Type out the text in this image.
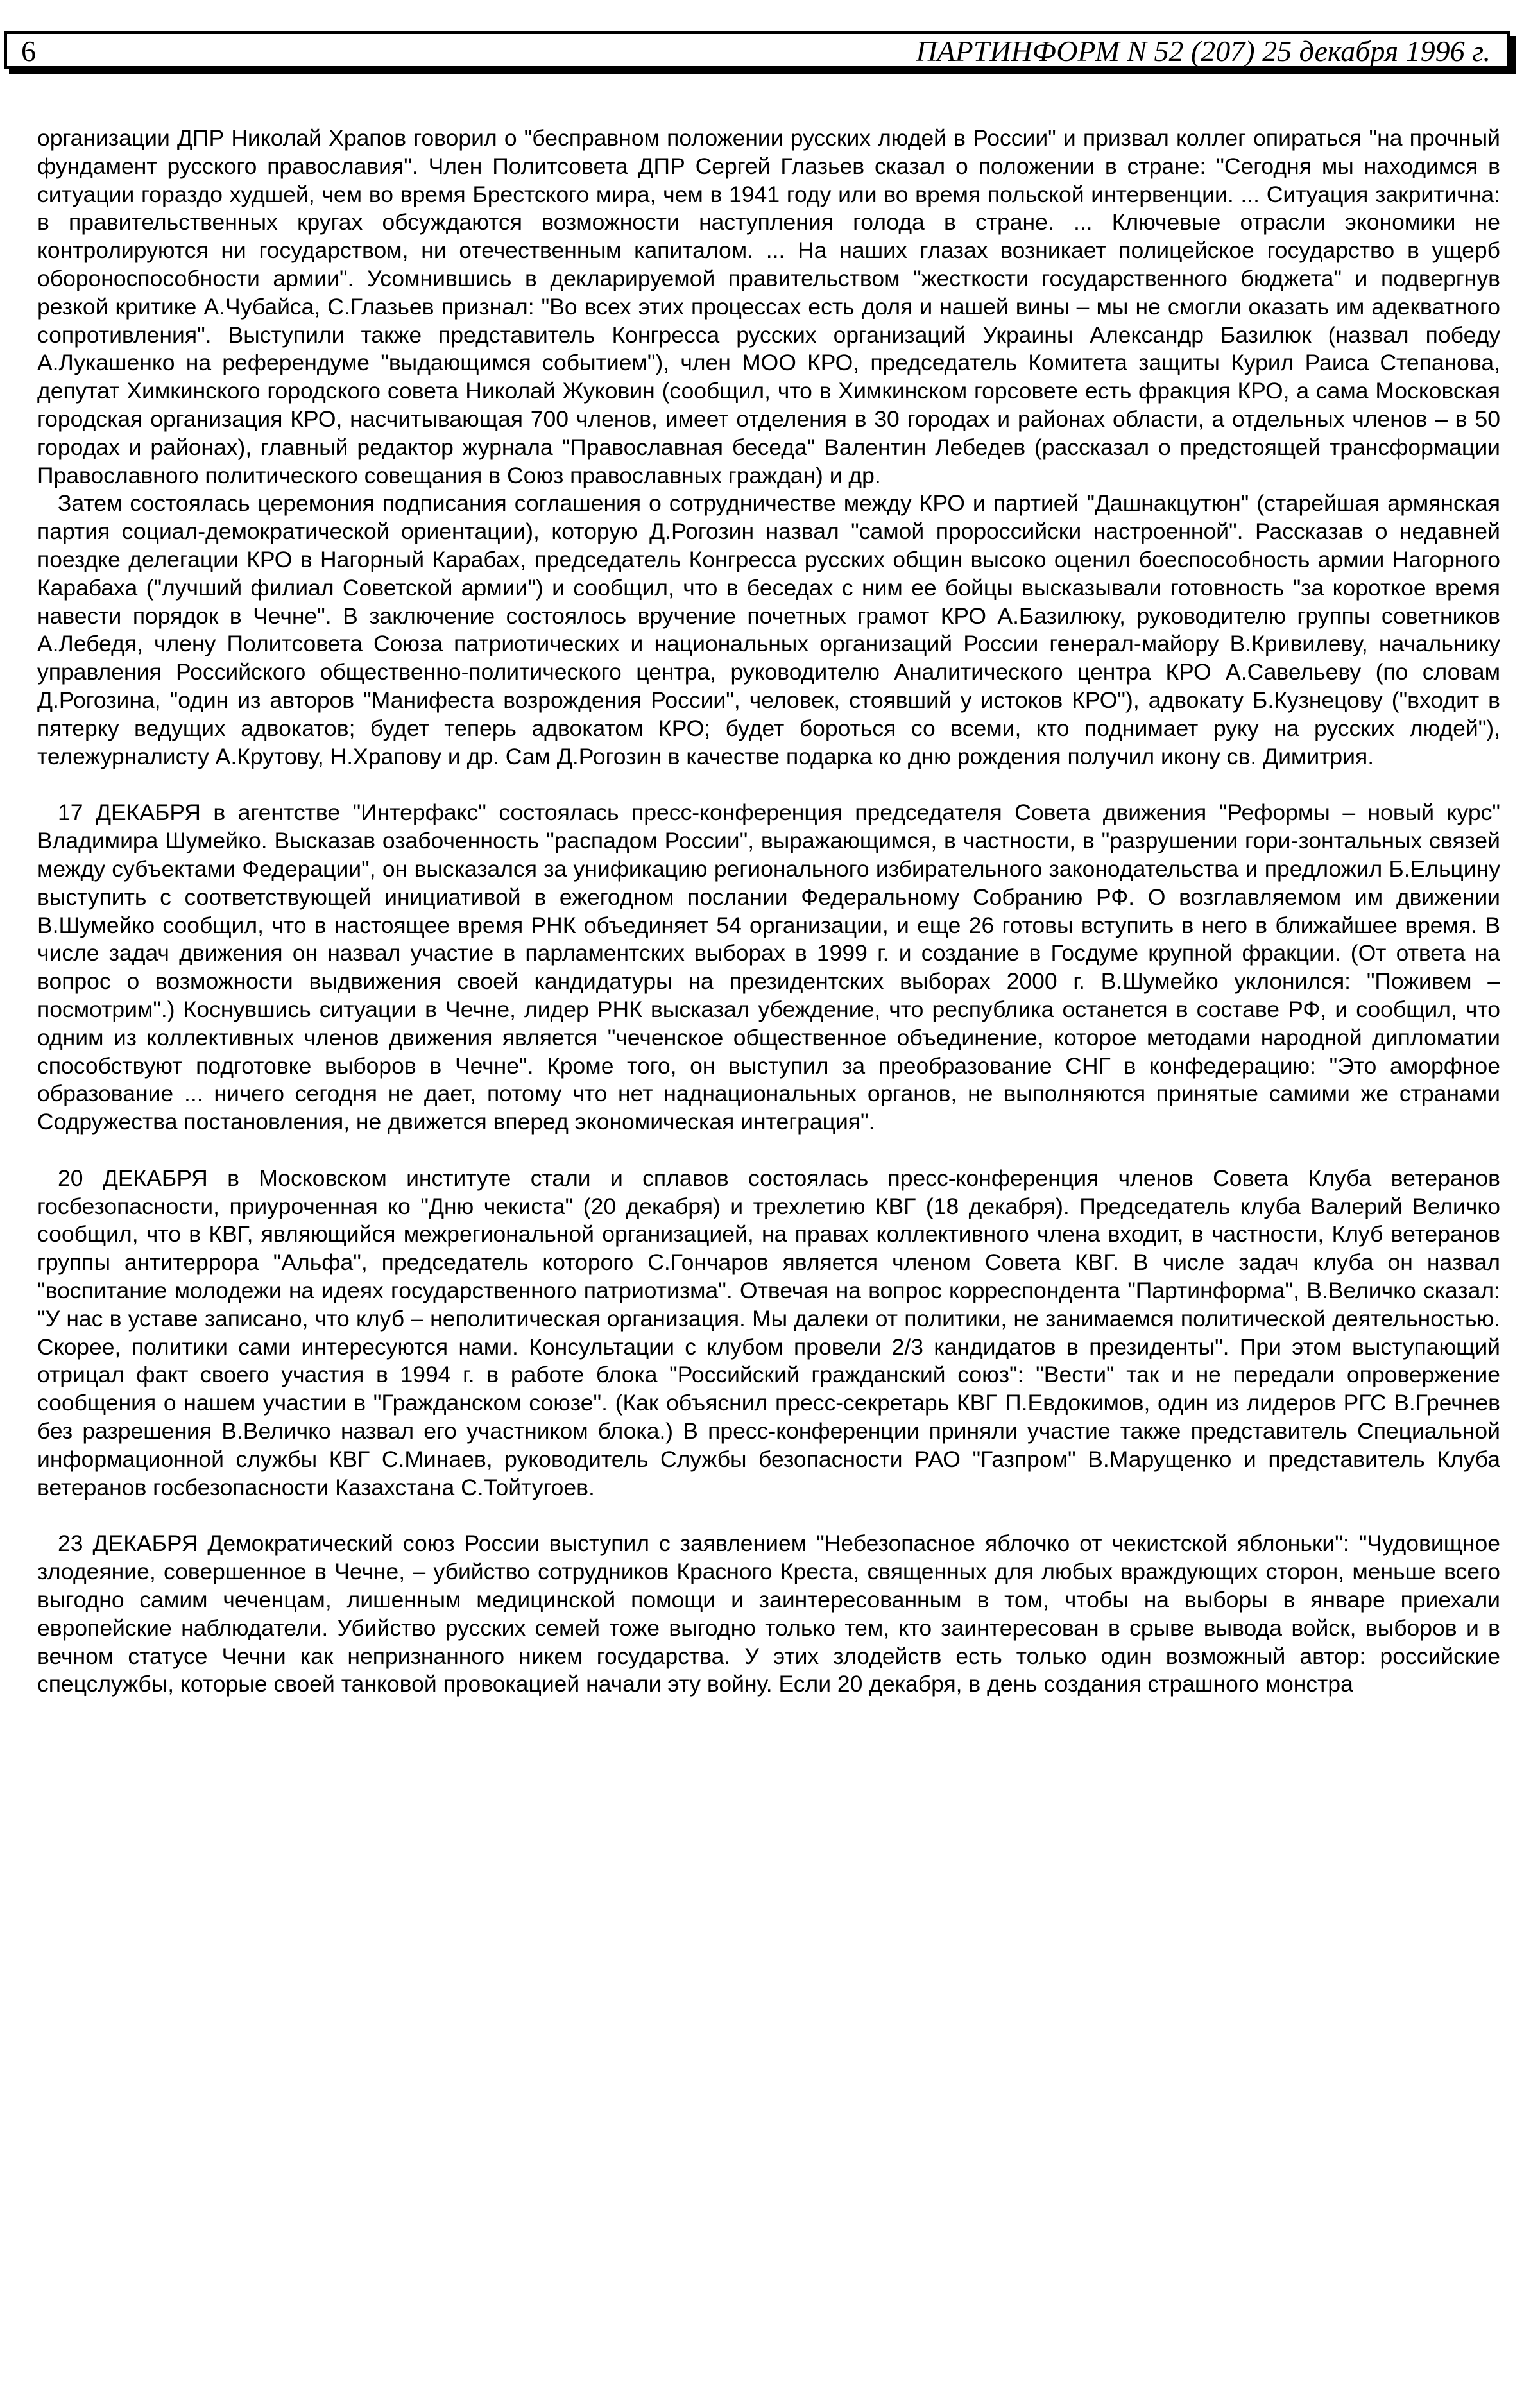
6	ПАРТИНФОРМ N 52 (207) 25 декабря 1996 г.

организации ДПР Николай Храпов говорил о "бесправном положении русских людей в России" и призвал коллег опираться "на прочный фундамент русского православия". Член Политсовета ДПР Сергей Глазьев сказал о положении в стране: "Сегодня мы находимся в ситуации гораздо худшей, чем во время Брестского мира, чем в 1941 году или во время польской интервенции. ... Ситуация закритична: в правительственных кругах обсуждаются возможности наступления голода в стране. ... Ключевые отрасли экономики не контролируются ни государством, ни отечественным капиталом. ... На наших глазах возникает полицейское государство в ущерб обороноспособности армии". Усомнившись в декларируемой правительством "жесткости государственного бюджета" и подвергнув резкой критике А.Чубайса, С.Глазьев признал: "Во всех этих процессах есть доля и нашей вины – мы не смогли оказать им адекватного сопротивления". Выступили также представитель Конгресса русских организаций Украины Александр Базилюк (назвал победу А.Лукашенко на референдуме "выдающимся событием"), член МОО КРО, председатель Комитета защиты Курил Раиса Степанова, депутат Химкинского городского совета Николай Жуковин (сообщил, что в Химкинском горсовете есть фракция КРО, а сама Московская городская организация КРО, насчитывающая 700 членов, имеет отделения в 30 городах и районах области, а отдельных членов – в 50 городах и районах), главный редактор журнала "Православная беседа" Валентин Лебедев (рассказал о предстоящей трансформации Православного политического совещания в Союз православных граждан) и др.

Затем состоялась церемония подписания соглашения о сотрудничестве между КРО и партией "Дашнакцутюн" (старейшая армянская партия социал-демократической ориентации), которую Д.Рогозин назвал "самой пророссийски настроенной". Рассказав о недавней поездке делегации КРО в Нагорный Карабах, председатель Конгресса русских общин высоко оценил боеспособность армии Нагорного Карабаха ("лучший филиал Советской армии") и сообщил, что в беседах с ним ее бойцы высказывали готовность "за короткое время навести порядок в Чечне". В заключение состоялось вручение почетных грамот КРО А.Базилюку, руководителю группы советников А.Лебедя, члену Политсовета Союза патриотических и национальных организаций России генерал-майору В.Кривилеву, начальнику управления Российского общественно-политического центра, руководителю Аналитического центра КРО А.Савельеву (по словам Д.Рогозина, "один из авторов "Манифеста возрождения России", человек, стоявший у истоков КРО"), адвокату Б.Кузнецову ("входит в пятерку ведущих адвокатов; будет теперь адвокатом КРО; будет бороться со всеми, кто поднимает руку на русских людей"), тележурналисту А.Крутову, Н.Храпову и др. Сам Д.Рогозин в качестве подарка ко дню рождения получил икону св. Димитрия.

17 ДЕКАБРЯ в агентстве "Интерфакс" состоялась пресс-конференция председателя Совета движения "Реформы – новый курс" Владимира Шумейко. Высказав озабоченность "распадом России", выражающимся, в частности, в "разрушении гори-зонтальных связей между субъектами Федерации", он высказался за унификацию регионального избирательного законодательства и предложил Б.Ельцину выступить с соответствующей инициативой в ежегодном послании Федеральному Собранию РФ. О возглавляемом им движении В.Шумейко сообщил, что в настоящее время РНК объединяет 54 организации, и еще 26 готовы вступить в него в ближайшее время. В числе задач движения он назвал участие в парламентских выборах в 1999 г. и создание в Госдуме крупной фракции. (От ответа на вопрос о возможности выдвижения своей кандидатуры на президентских выборах 2000 г. В.Шумейко уклонился: "Поживем – посмотрим".) Коснувшись ситуации в Чечне, лидер РНК высказал убеждение, что республика останется в составе РФ, и сообщил, что одним из коллективных членов движения является "чеченское общественное объединение, которое методами народной дипломатии способствуют подготовке выборов в Чечне". Кроме того, он выступил за преобразование СНГ в конфедерацию: "Это аморфное образование ... ничего сегодня не дает, потому что нет наднациональных органов, не выполняются принятые самими же странами Содружества постановления, не движется вперед экономическая интеграция".

20 ДЕКАБРЯ в Московском институте стали и сплавов состоялась пресс-конференция членов Совета Клуба ветеранов госбезопасности, приуроченная ко "Дню чекиста" (20 декабря) и трехлетию КВГ (18 декабря). Председатель клуба Валерий Величко сообщил, что в КВГ, являющийся межрегиональной организацией, на правах коллективного члена входит, в частности, Клуб ветеранов группы антитеррора "Альфа", председатель которого С.Гончаров является членом Совета КВГ. В числе задач клуба он назвал "воспитание молодежи на идеях государственного патриотизма". Отвечая на вопрос корреспондента "Партинформа", В.Величко сказал: "У нас в уставе записано, что клуб – неполитическая организация. Мы далеки от политики, не занимаемся политической деятельностью. Скорее, политики сами интересуются нами. Консультации с клубом провели 2/3 кандидатов в президенты". При этом выступающий отрицал факт своего участия в 1994 г. в работе блока "Российский гражданский союз": "Вести" так и не передали опровержение сообщения о нашем участии в "Гражданском союзе". (Как объяснил пресс-секретарь КВГ П.Евдокимов, один из лидеров РГС В.Гречнев без разрешения В.Величко назвал его участником блока.) В пресс-конференции приняли участие также представитель Специальной информационной службы КВГ С.Минаев, руководитель Службы безопасности РАО "Газпром" В.Марущенко и представитель Клуба ветеранов госбезопасности Казахстана С.Тойтугоев.

23 ДЕКАБРЯ Демократический союз России выступил с заявлением "Небезопасное яблочко от чекистской яблоньки": "Чудовищное злодеяние, совершенное в Чечне, – убийство сотрудников Красного Креста, священных для любых враждующих сторон, меньше всего выгодно самим чеченцам, лишенным медицинской помощи и заинтересованным в том, чтобы на выборы в январе приехали европейские наблюдатели. Убийство русских семей тоже выгодно только тем, кто заинтересован в срыве вывода войск, выборов и в вечном статусе Чечни как непризнанного никем государства. У этих злодейств есть только один возможный автор: российские спецслужбы, которые своей танковой провокацией начали эту войну. Если 20 декабря, в день создания страшного монстра
